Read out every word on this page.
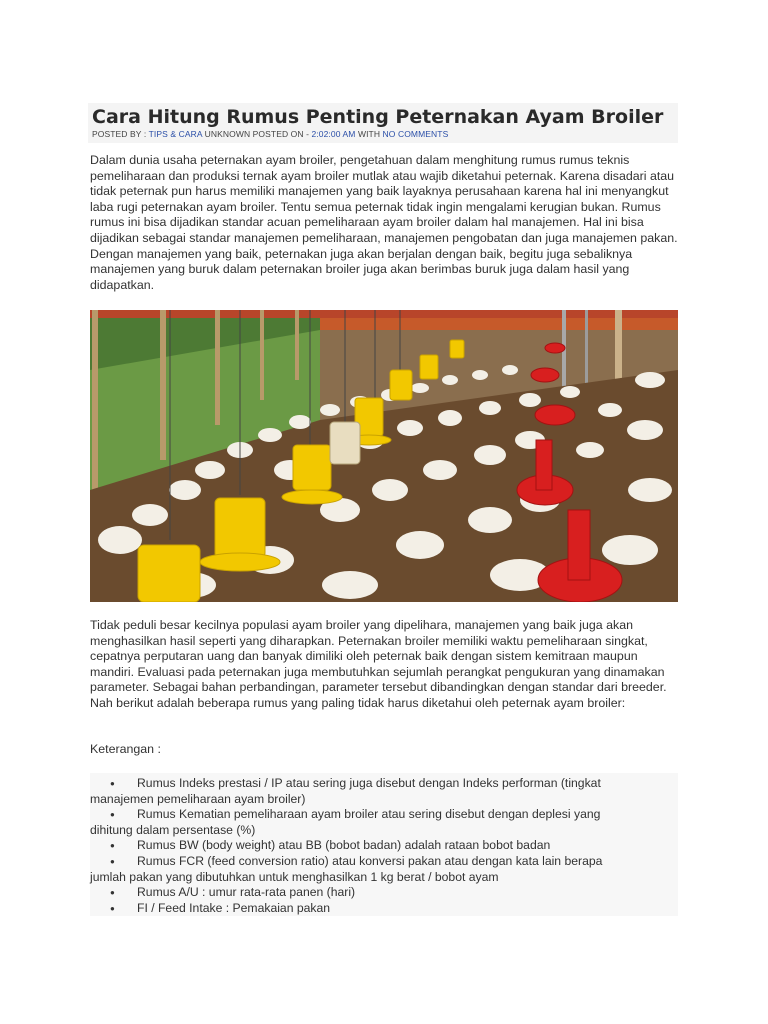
Cara Hitung Rumus Penting Peternakan Ayam Broiler
POSTED BY : TIPS & CARA UNKNOWN POSTED ON - 2:02:00 AM WITH NO COMMENTS

Dalam dunia usaha peternakan ayam broiler, pengetahuan dalam menghitung rumus rumus teknis pemeliharaan dan produksi ternak ayam broiler mutlak atau wajib diketahui peternak. Karena disadari atau tidak peternak pun harus memiliki manajemen yang baik layaknya perusahaan karena hal ini menyangkut laba rugi peternakan ayam broiler. Tentu semua peternak tidak ingin mengalami kerugian bukan. Rumus rumus ini bisa dijadikan standar acuan pemeliharaan ayam broiler dalam hal manajemen. Hal ini bisa dijadikan sebagai standar manajemen pemeliharaan, manajemen pengobatan dan juga manajemen pakan. Dengan manajemen yang baik, peternakan juga akan berjalan dengan baik, begitu juga sebaliknya manajemen yang buruk dalam peternakan broiler juga akan berimbas buruk juga dalam hasil yang didapatkan.

Tidak peduli besar kecilnya populasi ayam broiler yang dipelihara, manajemen yang baik juga akan menghasilkan hasil seperti yang diharapkan. Peternakan broiler memiliki waktu pemeliharaan singkat, cepatnya perputaran uang dan banyak dimiliki oleh peternak baik dengan sistem kemitraan maupun mandiri. Evaluasi pada peternakan juga membutuhkan sejumlah perangkat pengukuran yang dinamakan parameter. Sebagai bahan perbandingan, parameter tersebut dibandingkan dengan standar dari breeder. Nah berikut adalah beberapa rumus yang paling tidak harus diketahui oleh peternak ayam broiler:

Keterangan :

● Rumus Indeks prestasi / IP atau sering juga disebut dengan Indeks performan (tingkat
manajemen pemeliharaan ayam broiler)
● Rumus Kematian pemeliharaan ayam broiler atau sering disebut dengan deplesi yang
dihitung dalam persentase (%)
● Rumus BW (body weight) atau BB (bobot badan) adalah rataan bobot badan
● Rumus FCR (feed conversion ratio) atau konversi pakan atau dengan kata lain berapa
jumlah pakan yang dibutuhkan untuk menghasilkan 1 kg berat / bobot ayam
● Rumus A/U : umur rata-rata panen (hari)
● FI / Feed Intake : Pemakaian pakan
